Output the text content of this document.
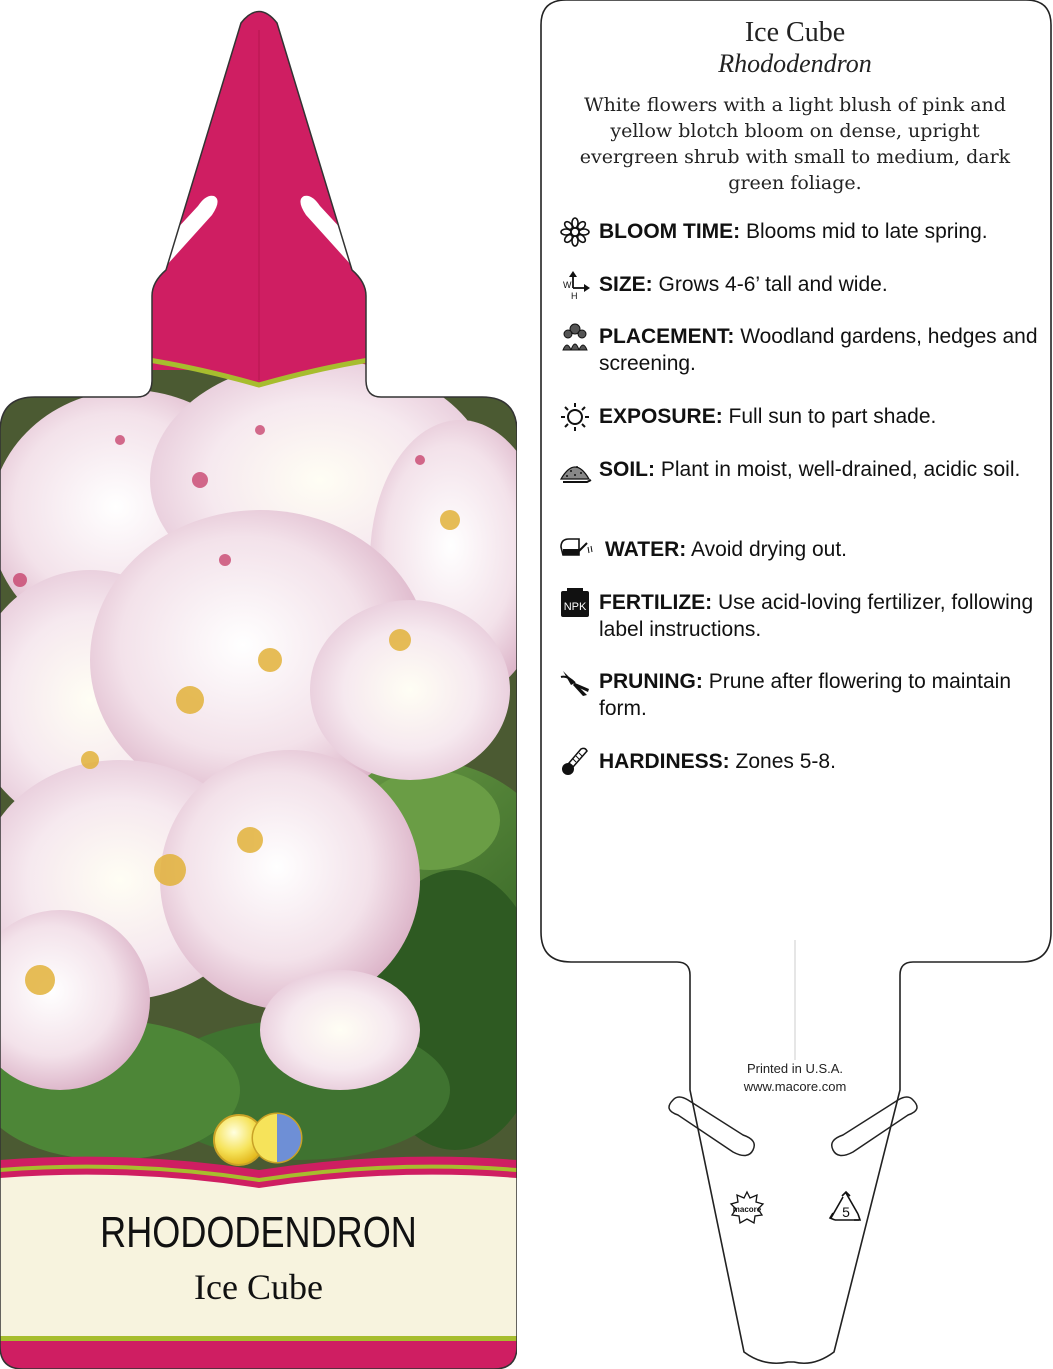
RHODODENDRON
Ice Cube
Ice Cube
Rhododendron
White flowers with a light blush of pink and yellow blotch bloom on dense, upright evergreen shrub with small to medium, dark green foliage.
BLOOM TIME: Blooms mid to late spring.
W
H SIZE: Grows 4-6’ tall and wide.
PLACEMENT: Woodland gardens, hedges and screening.
EXPOSURE: Full sun to part shade.
SOIL: Plant in moist, well-drained, acidic soil.
WATER: Avoid drying out.
NPK FERTILIZE: Use acid-loving fertilizer, following label instructions.
PRUNING: Prune after flowering to maintain form.
HARDINESS: Zones 5-8.
Printed in U.S.A.
www.macore.com
macore	5
